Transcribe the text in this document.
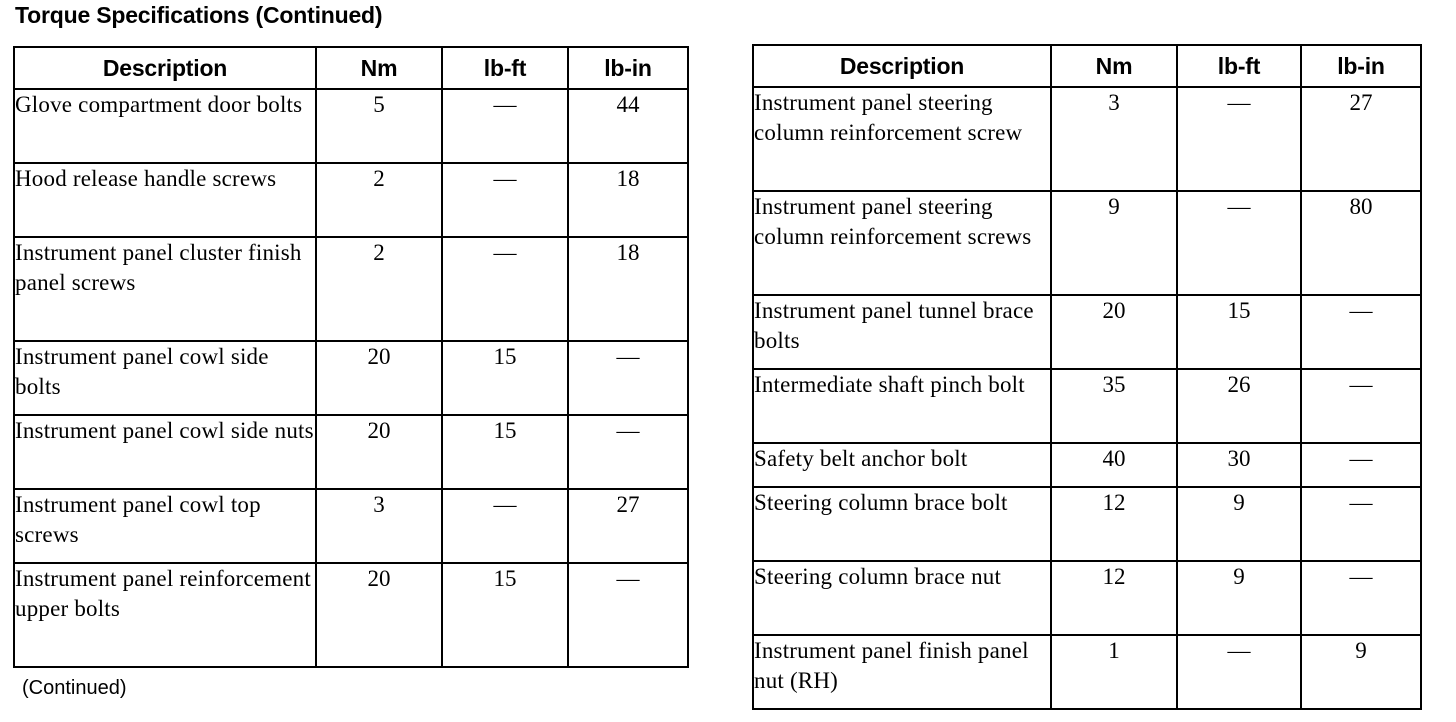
Torque Specifications (Continued)
Description	Nm	lb-ft	lb-in
Glove compartment door bolts	5	—	44
Hood release handle screws	2	—	18
Instrument panel cluster finish panel screws	2	—	18
Instrument panel cowl side bolts	20	15	—
Instrument panel cowl side nuts	20	15	—
Instrument panel cowl top screws	3	—	27
Instrument panel reinforcement upper bolts	20	15	—
(Continued)
Description	Nm	lb-ft	lb-in
Instrument panel steering column reinforcement screw	3	—	27
Instrument panel steering column reinforcement screws	9	—	80
Instrument panel tunnel brace bolts	20	15	—
Intermediate shaft pinch bolt	35	26	—
Safety belt anchor bolt	40	30	—
Steering column brace bolt	12	9	—
Steering column brace nut	12	9	—
Instrument panel finish panel nut (RH)	1	—	9
